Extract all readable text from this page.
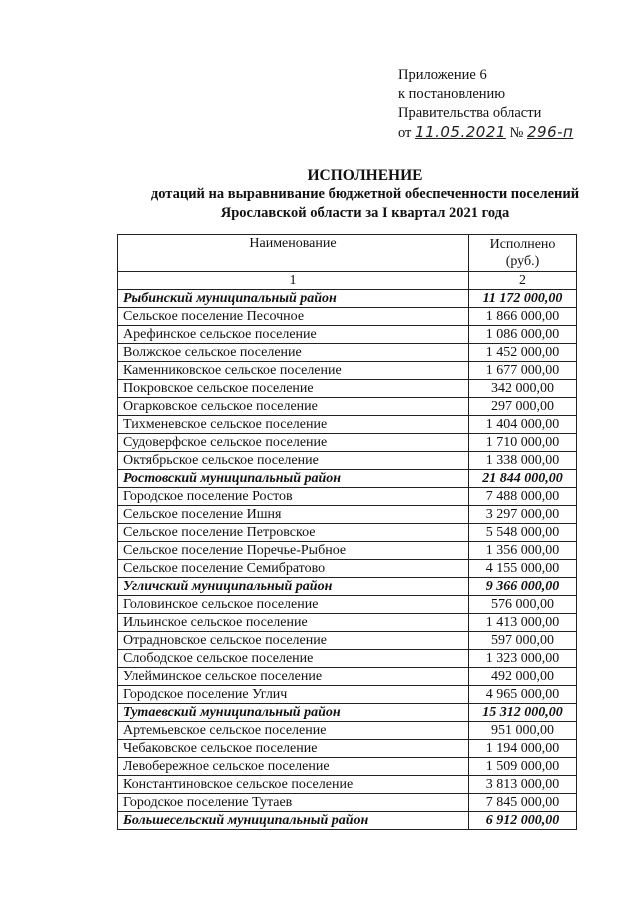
Приложение 6
к постановлению
Правительства области
от 11.05.2021 № 296-п
ИСПОЛНЕНИЕ
дотаций на выравнивание бюджетной обеспеченности поселений
Ярославской области за I квартал 2021 года
Наименование	Исполнено (руб.)
1	2
Рыбинский муниципальный район	11 172 000,00
Сельское поселение Песочное	1 866 000,00
Арефинское сельское поселение	1 086 000,00
Волжское сельское поселение	1 452 000,00
Каменниковское сельское поселение	1 677 000,00
Покровское сельское поселение	342 000,00
Огарковское сельское поселение	297 000,00
Тихменевское сельское поселение	1 404 000,00
Судоверфское сельское поселение	1 710 000,00
Октябрьское сельское поселение	1 338 000,00
Ростовский муниципальный район	21 844 000,00
Городское поселение Ростов	7 488 000,00
Сельское поселение Ишня	3 297 000,00
Сельское поселение Петровское	5 548 000,00
Сельское поселение Поречье-Рыбное	1 356 000,00
Сельское поселение Семибратово	4 155 000,00
Угличский муниципальный район	9 366 000,00
Головинское сельское поселение	576 000,00
Ильинское сельское поселение	1 413 000,00
Отрадновское сельское поселение	597 000,00
Слободское сельское поселение	1 323 000,00
Улейминское сельское поселение	492 000,00
Городское поселение Углич	4 965 000,00
Тутаевский муниципальный район	15 312 000,00
Артемьевское сельское поселение	951 000,00
Чебаковское сельское поселение	1 194 000,00
Левобережное сельское поселение	1 509 000,00
Константиновское сельское поселение	3 813 000,00
Городское поселение Тутаев	7 845 000,00
Большесельский муниципальный район	6 912 000,00
